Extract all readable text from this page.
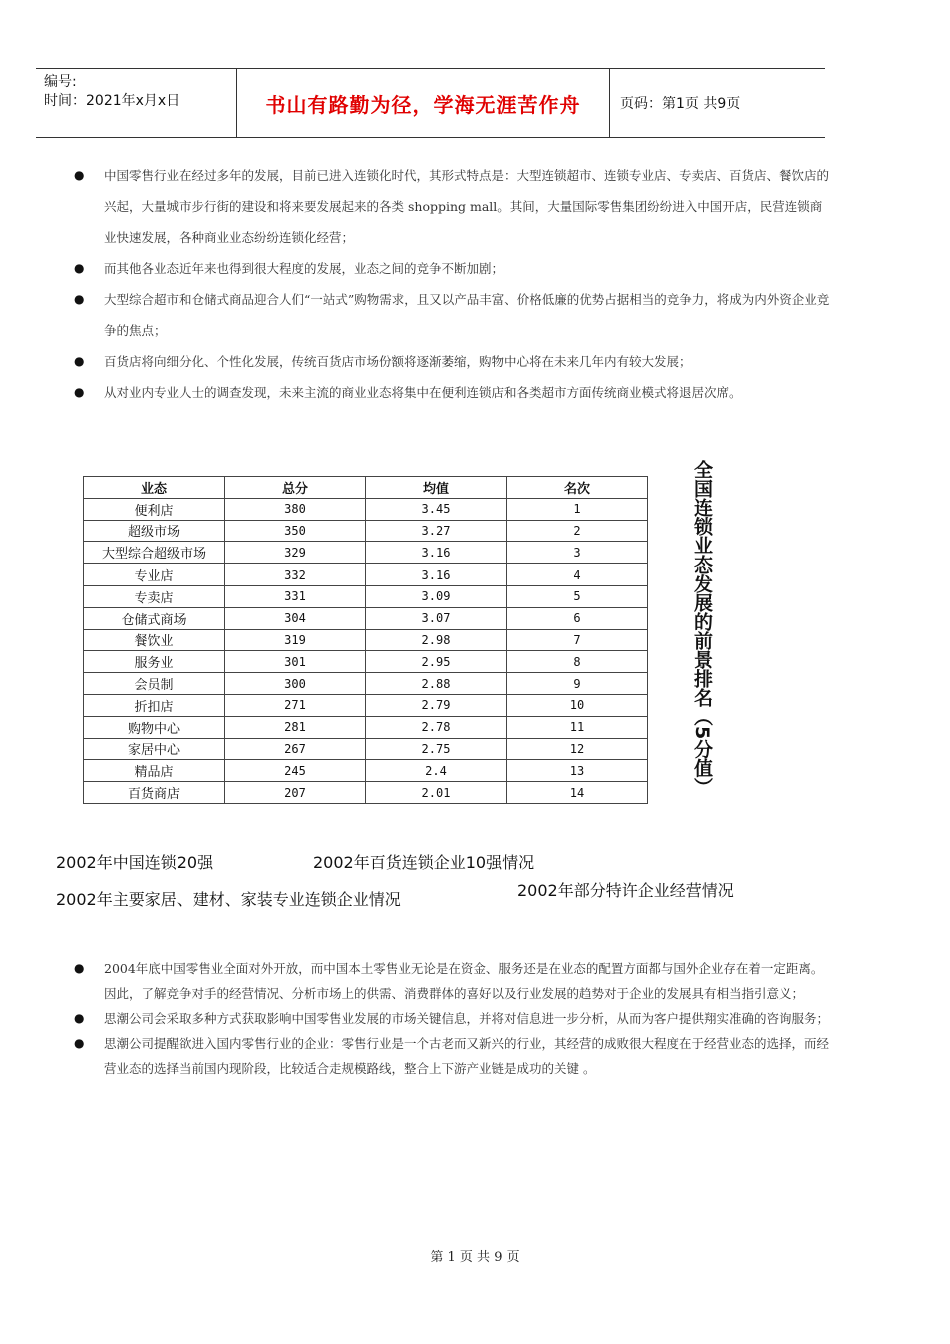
编号:
时间：2021年x月x日	书山有路勤为径，学海无涯苦作舟	页码：第1页 共9页
● 中国零售行业在经过多年的发展，目前已进入连锁化时代，其形式特点是：大型连锁超市、连锁专业店、专卖店、百货店、餐饮店的兴起，大量城市步行街的建设和将来要发展起来的各类 shopping mall。其间，大量国际零售集团纷纷进入中国开店，民营连锁商业快速发展，各种商业业态纷纷连锁化经营；
● 而其他各业态近年来也得到很大程度的发展，业态之间的竞争不断加剧；
● 大型综合超市和仓储式商品迎合人们“一站式”购物需求，且又以产品丰富、价格低廉的优势占据相当的竞争力，将成为内外资企业竞争的焦点；
● 百货店将向细分化、个性化发展，传统百货店市场份额将逐渐萎缩，购物中心将在未来几年内有较大发展；
● 从对业内专业人士的调查发现，未来主流的商业业态将集中在便利连锁店和各类超市方面传统商业模式将退居次席。
业态	总分	均值	名次
便利店	380	3.45	1
超级市场	350	3.27	2
大型综合超级市场	329	3.16	3
专业店	332	3.16	4
专卖店	331	3.09	5
仓储式商场	304	3.07	6
餐饮业	319	2.98	7
服务业	301	2.95	8
会员制	300	2.88	9
折扣店	271	2.79	10
购物中心	281	2.78	11
家居中心	267	2.75	12
精品店	245	2.4	13
百货商店	207	2.01	14	全国连锁业态发展的前景排名（5分值）
2002年中国连锁20强	2002年百货连锁企业10强情况
2002年主要家居、建材、家装专业连锁企业情况	2002年部分特许企业经营情况
● 2004年底中国零售业全面对外开放，而中国本土零售业无论是在资金、服务还是在业态的配置方面都与国外企业存在着一定距离。因此，了解竞争对手的经营情况、分析市场上的供需、消费群体的喜好以及行业发展的趋势对于企业的发展具有相当指引意义；
● 思潮公司会采取多种方式获取影响中国零售业发展的市场关键信息，并将对信息进一步分析，从而为客户提供翔实准确的咨询服务；
● 思潮公司提醒欲进入国内零售行业的企业：零售行业是一个古老而又新兴的行业，其经营的成败很大程度在于经营业态的选择，而经营业态的选择当前国内现阶段，比较适合走规模路线，整合上下游产业链是成功的关键 。
第 1 页 共 9 页
